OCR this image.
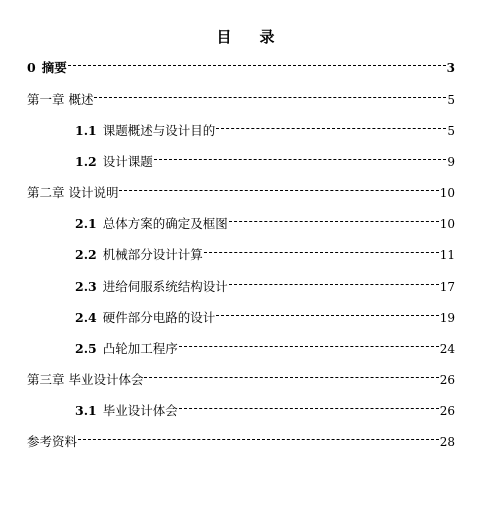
目 录
0 摘要	3
第一章 概述	5
1.1 课题概述与设计目的	5
1.2 设计课题	9
第二章 设计说明	10
2.1 总体方案的确定及框图	10
2.2 机械部分设计计算	11
2.3 进给伺服系统结构设计	17
2.4 硬件部分电路的设计	19
2.5 凸轮加工程序	24
第三章 毕业设计体会	26
3.1 毕业设计体会	26
参考资料	28
